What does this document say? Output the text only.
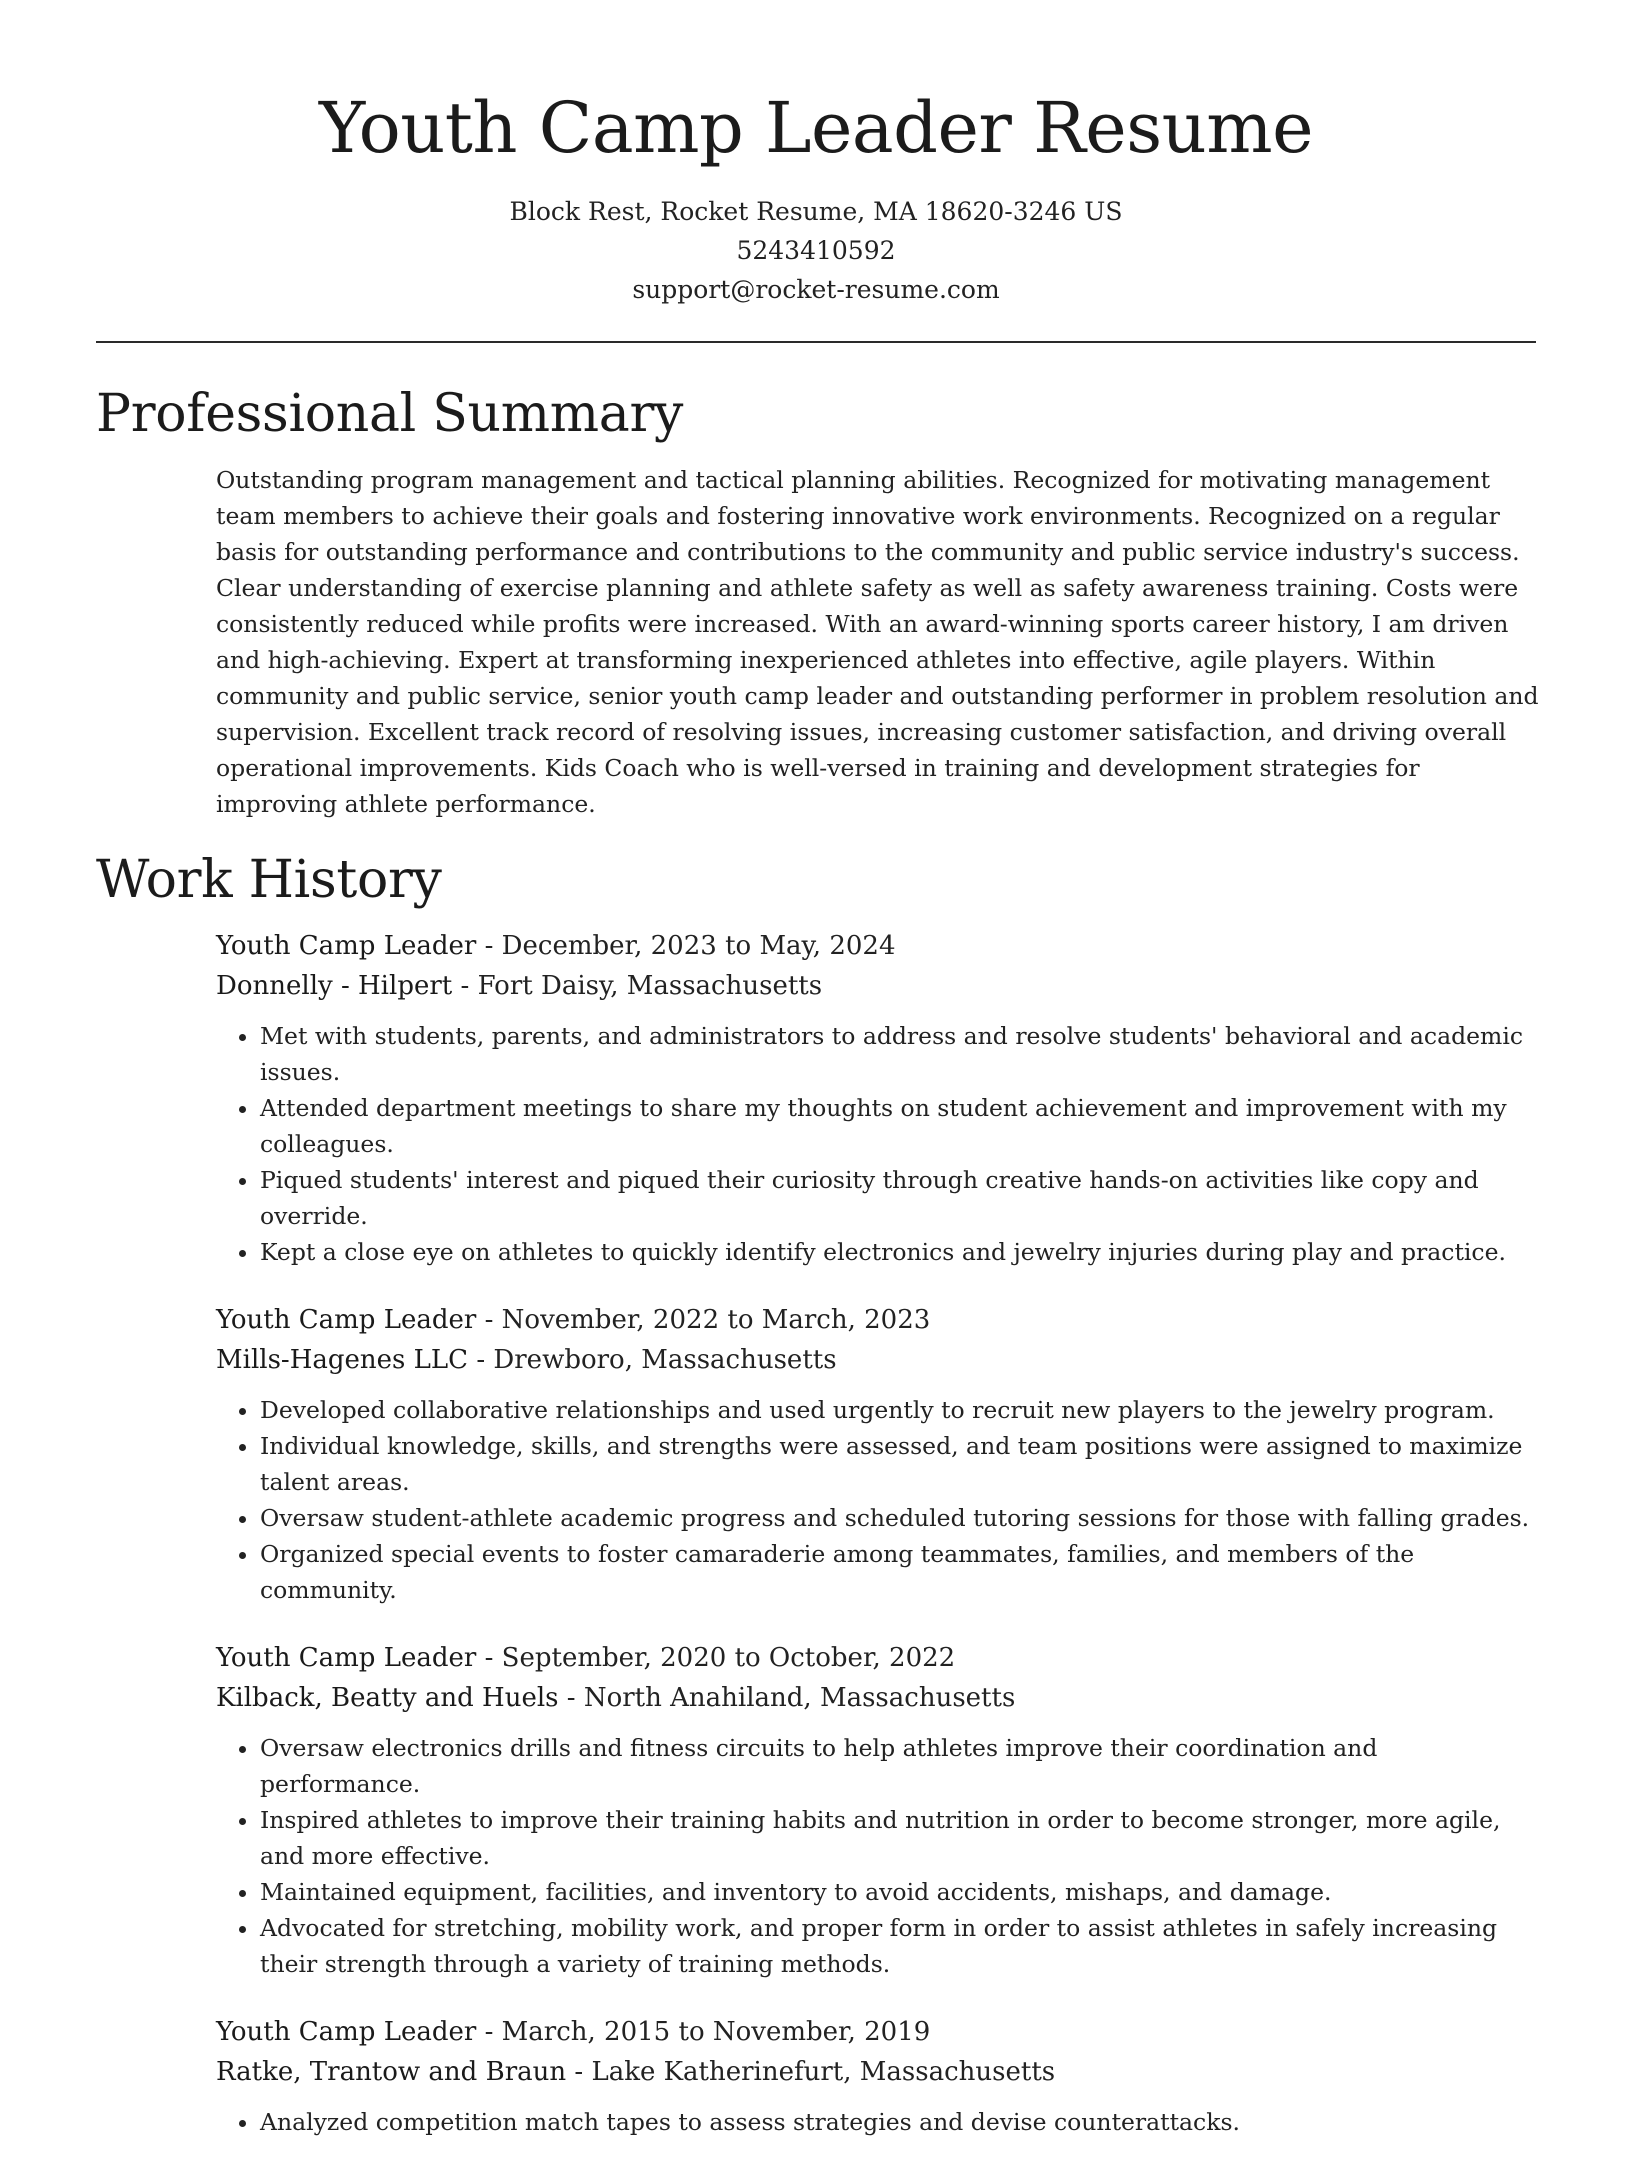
Youth Camp Leader Resume
Block Rest, Rocket Resume, MA 18620-3246 US
5243410592
support@rocket-resume.com
Professional Summary

Outstanding program management and tactical planning abilities. Recognized for motivating management team members to achieve their goals and fostering innovative work environments. Recognized on a regular basis for outstanding performance and contributions to the community and public service industry's success. Clear understanding of exercise planning and athlete safety as well as safety awareness training. Costs were consistently reduced while profits were increased. With an award-winning sports career history, I am driven and high-achieving. Expert at transforming inexperienced athletes into effective, agile players. Within community and public service, senior youth camp leader and outstanding performer in problem resolution and supervision. Excellent track record of resolving issues, increasing customer satisfaction, and driving overall operational improvements. Kids Coach who is well-versed in training and development strategies for improving athlete performance.

Work History
Youth Camp Leader - December, 2023 to May, 2024
Donnelly - Hilpert - Fort Daisy, Massachusetts
• Met with students, parents, and administrators to address and resolve students' behavioral and academic issues.
• Attended department meetings to share my thoughts on student achievement and improvement with my colleagues.
• Piqued students' interest and piqued their curiosity through creative hands-on activities like copy and override.
• Kept a close eye on athletes to quickly identify electronics and jewelry injuries during play and practice.
Youth Camp Leader - November, 2022 to March, 2023
Mills-Hagenes LLC - Drewboro, Massachusetts
• Developed collaborative relationships and used urgently to recruit new players to the jewelry program.
• Individual knowledge, skills, and strengths were assessed, and team positions were assigned to maximize talent areas.
• Oversaw student-athlete academic progress and scheduled tutoring sessions for those with falling grades.
• Organized special events to foster camaraderie among teammates, families, and members of the community.
Youth Camp Leader - September, 2020 to October, 2022
Kilback, Beatty and Huels - North Anahiland, Massachusetts
• Oversaw electronics drills and fitness circuits to help athletes improve their coordination and performance.
• Inspired athletes to improve their training habits and nutrition in order to become stronger, more agile, and more effective.
• Maintained equipment, facilities, and inventory to avoid accidents, mishaps, and damage.
• Advocated for stretching, mobility work, and proper form in order to assist athletes in safely increasing their strength through a variety of training methods.
Youth Camp Leader - March, 2015 to November, 2019
Ratke, Trantow and Braun - Lake Katherinefurt, Massachusetts
• Analyzed competition match tapes to assess strategies and devise counterattacks.
